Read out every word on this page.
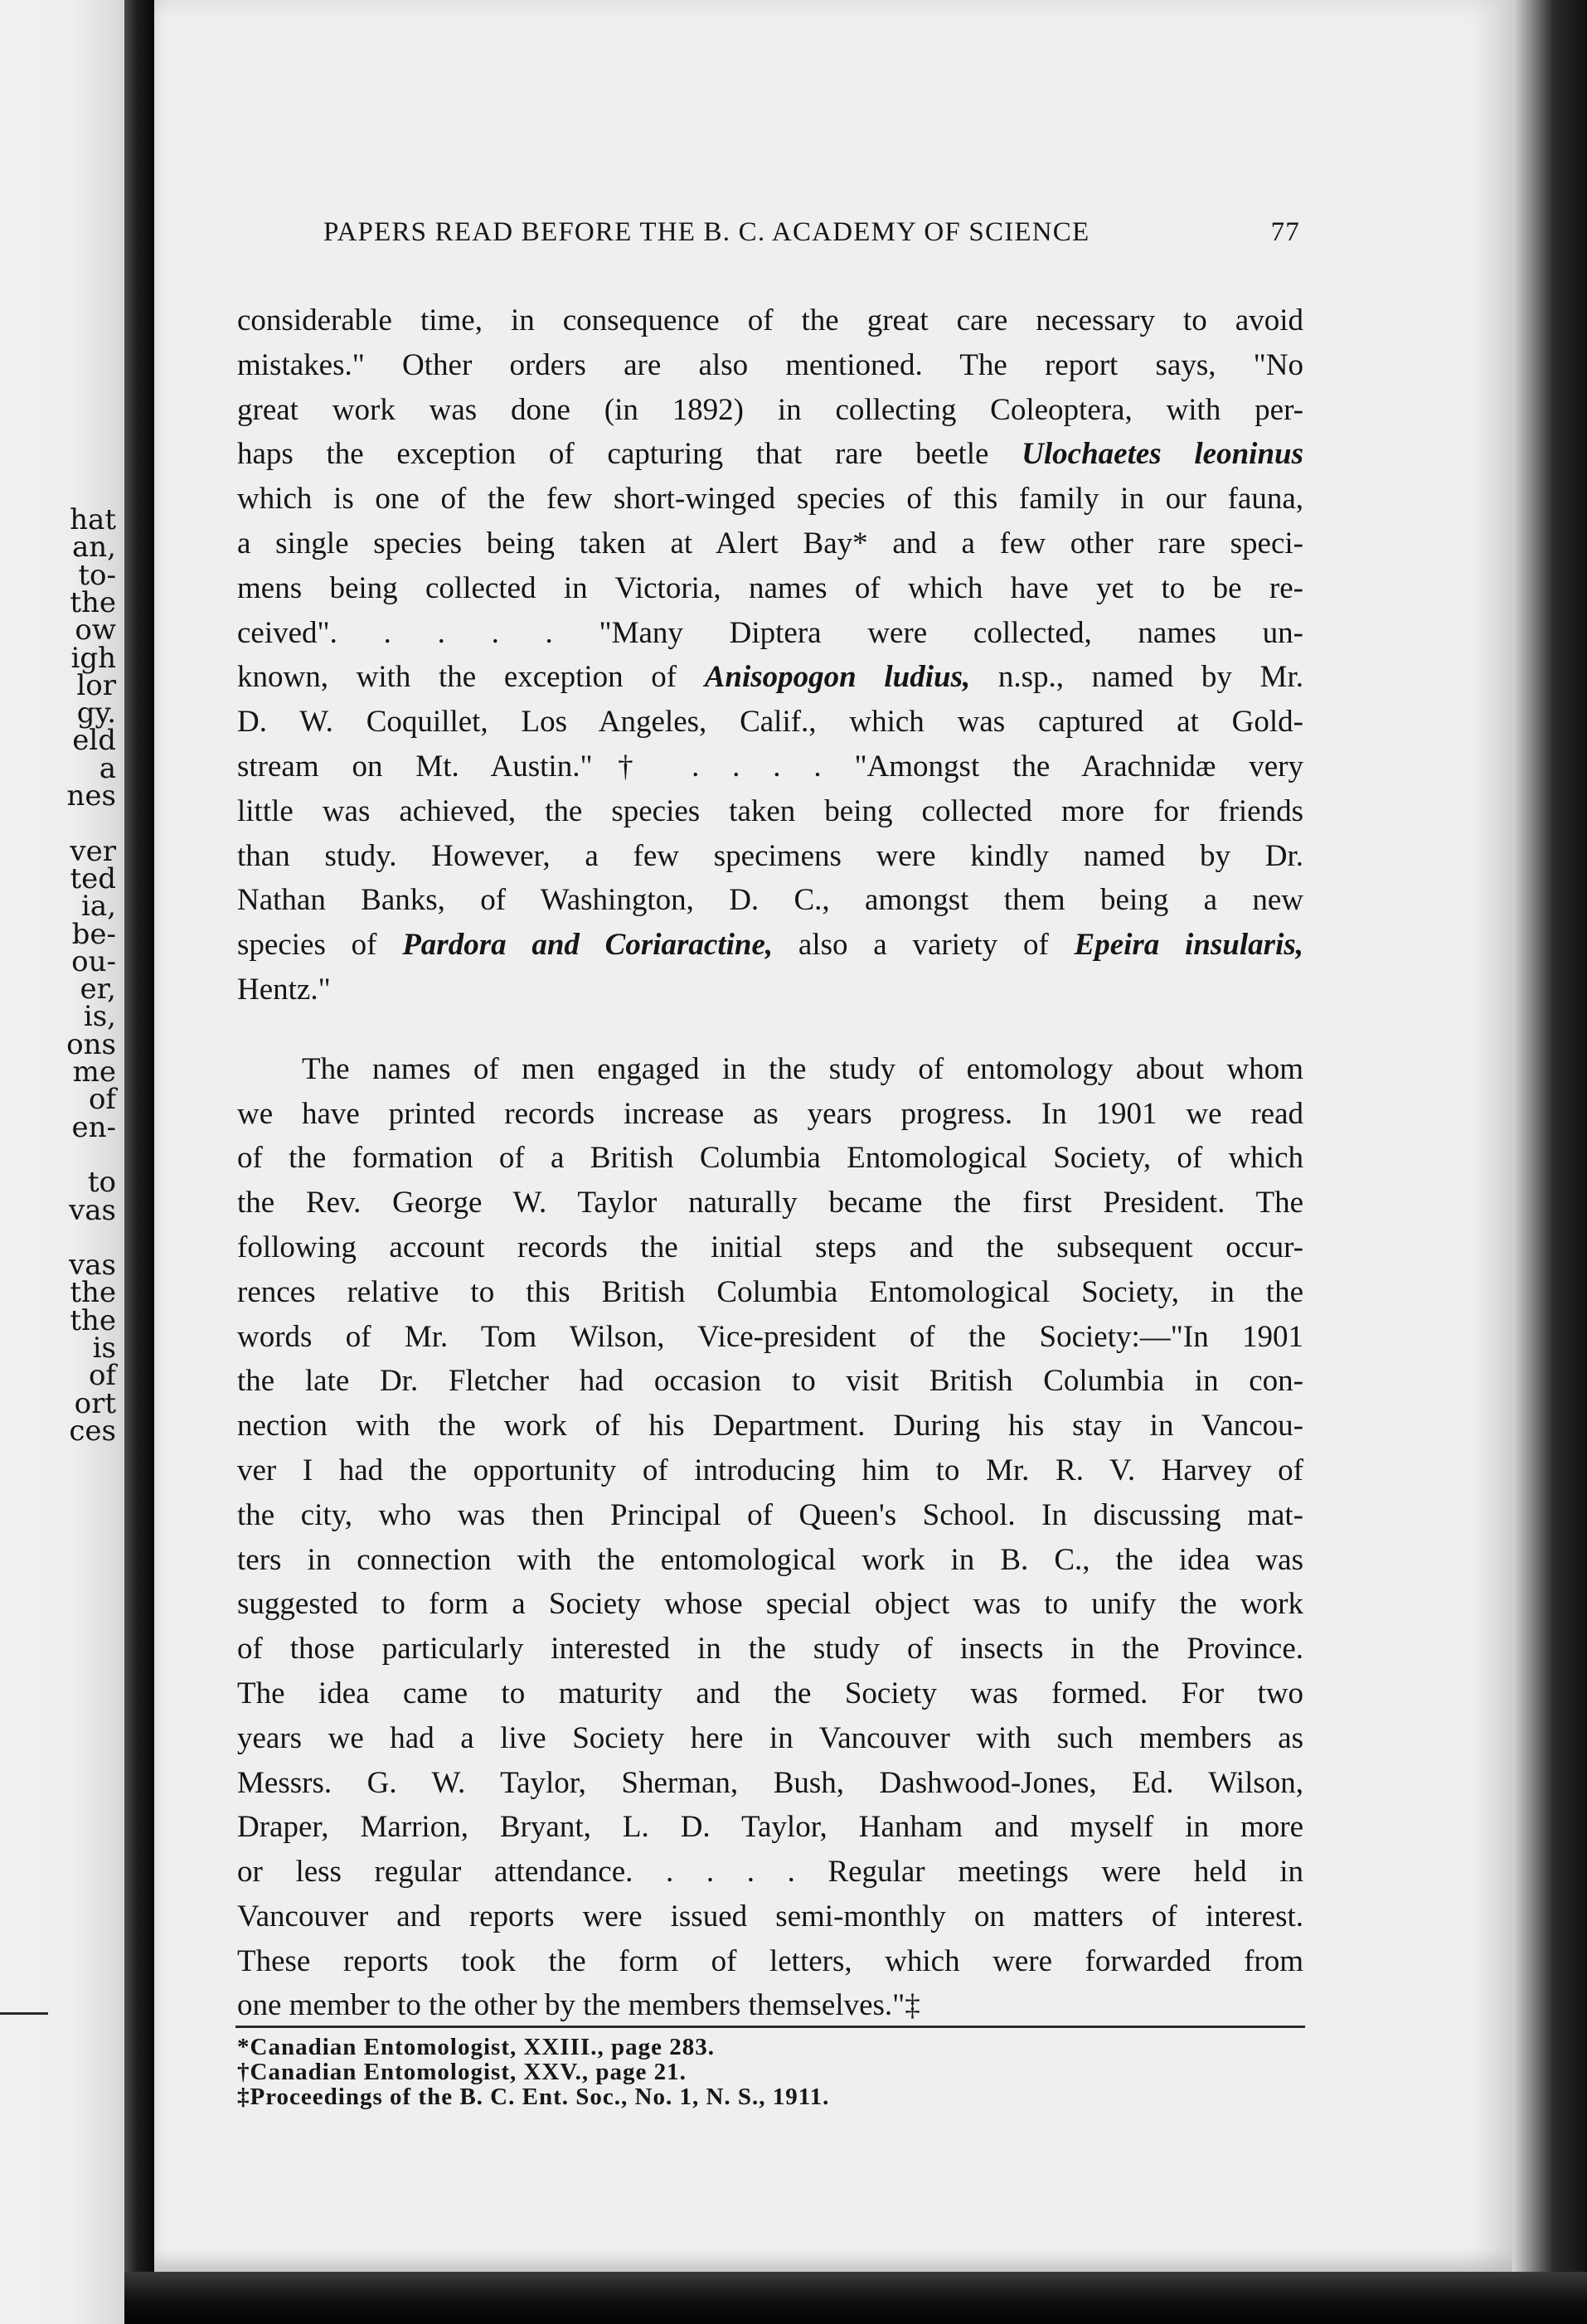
hat
an,
to-
the
ow
igh
lor
gy.
eld
a
nes
ver
ted
ia,
be-
ou-
er,
is,
ons
me
of
en-
to
vas
vas
the
the
is
of
ort
ces
PAPERS READ BEFORE THE B. C. ACADEMY OF SCIENCE	77
considerable time, in consequence of the great care necessary to avoid
mistakes." Other orders are also mentioned. The report says, "No
great work was done (in 1892) in collecting Coleoptera, with per-
haps the exception of capturing that rare beetle Ulochaetes leoninus
which is one of the few short-winged species of this family in our fauna,
a single species being taken at Alert Bay* and a few other rare speci-
mens being collected in Victoria, names of which have yet to be re-
ceived". . . . . "Many Diptera were collected, names un-
known, with the exception of Anisopogon ludius, n.sp., named by Mr.
D. W. Coquillet, Los Angeles, Calif., which was captured at Gold-
stream on Mt. Austin."† . . . . "Amongst the Arachnidæ very
little was achieved, the species taken being collected more for friends
than study. However, a few specimens were kindly named by Dr.
Nathan Banks, of Washington, D. C., amongst them being a new
species of Pardora and Coriaractine, also a variety of Epeira insularis,
Hentz."
The names of men engaged in the study of entomology about whom
we have printed records increase as years progress. In 1901 we read
of the formation of a British Columbia Entomological Society, of which
the Rev. George W. Taylor naturally became the first President. The
following account records the initial steps and the subsequent occur-
rences relative to this British Columbia Entomological Society, in the
words of Mr. Tom Wilson, Vice-president of the Society:—"In 1901
the late Dr. Fletcher had occasion to visit British Columbia in con-
nection with the work of his Department. During his stay in Vancou-
ver I had the opportunity of introducing him to Mr. R. V. Harvey of
the city, who was then Principal of Queen's School. In discussing mat-
ters in connection with the entomological work in B. C., the idea was
suggested to form a Society whose special object was to unify the work
of those particularly interested in the study of insects in the Province.
The idea came to maturity and the Society was formed. For two
years we had a live Society here in Vancouver with such members as
Messrs. G. W. Taylor, Sherman, Bush, Dashwood-Jones, Ed. Wilson,
Draper, Marrion, Bryant, L. D. Taylor, Hanham and myself in more
or less regular attendance. . . . . Regular meetings were held in
Vancouver and reports were issued semi-monthly on matters of interest.
These reports took the form of letters, which were forwarded from
one member to the other by the members themselves."‡
*Canadian Entomologist, XXIII., page 283.
†Canadian Entomologist, XXV., page 21.
‡Proceedings of the B. C. Ent. Soc., No. 1, N. S., 1911.
